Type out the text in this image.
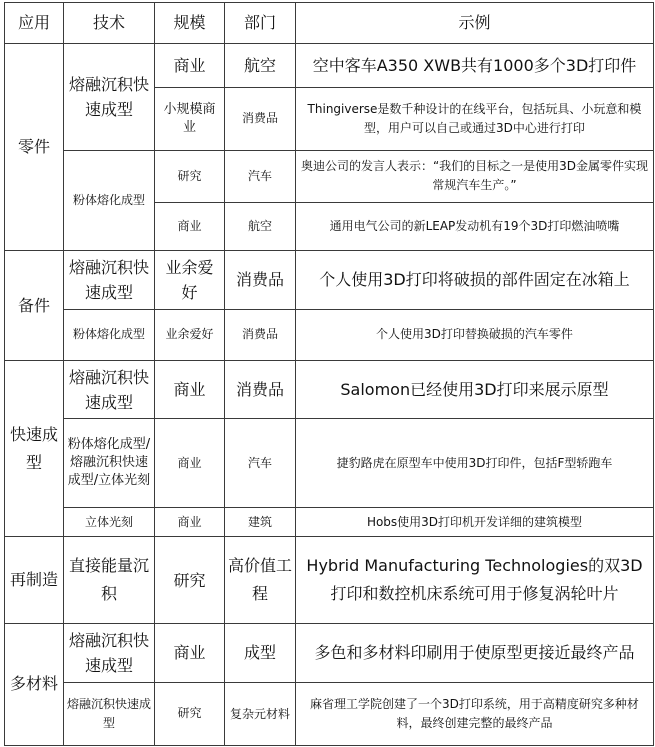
应用	技术	规模	部门	示例
零件	熔融沉积快速成型	商业	航空	空中客车A350 XWB共有1000多个3D打印件
		小规模商业	消费品	Thingiverse是数千种设计的在线平台，包括玩具、小玩意和模型，用户可以自己或通过3D中心进行打印
	粉体熔化成型	研究	汽车	奥迪公司的发言人表示：“我们的目标之一是使用3D金属零件实现常规汽车生产。”
		商业	航空	通用电气公司的新LEAP发动机有19个3D打印燃油喷嘴
备件	熔融沉积快速成型	业余爱好	消费品	个人使用3D打印将破损的部件固定在冰箱上
	粉体熔化成型	业余爱好	消费品	个人使用3D打印替换破损的汽车零件
快速成型	熔融沉积快速成型	商业	消费品	Salomon已经使用3D打印来展示原型
	粉体熔化成型/熔融沉积快速成型/立体光刻	商业	汽车	捷豹路虎在原型车中使用3D打印件，包括F型轿跑车
	立体光刻	商业	建筑	Hobs使用3D打印机开发详细的建筑模型
再制造	直接能量沉积	研究	高价值工程	Hybrid Manufacturing Technologies的双3D打印和数控机床系统可用于修复涡轮叶片
多材料	熔融沉积快速成型	商业	成型	多色和多材料印刷用于使原型更接近最终产品
	熔融沉积快速成型	研究	复杂元材料	麻省理工学院创建了一个3D打印系统，用于高精度研究多种材料，最终创建完整的最终产品
